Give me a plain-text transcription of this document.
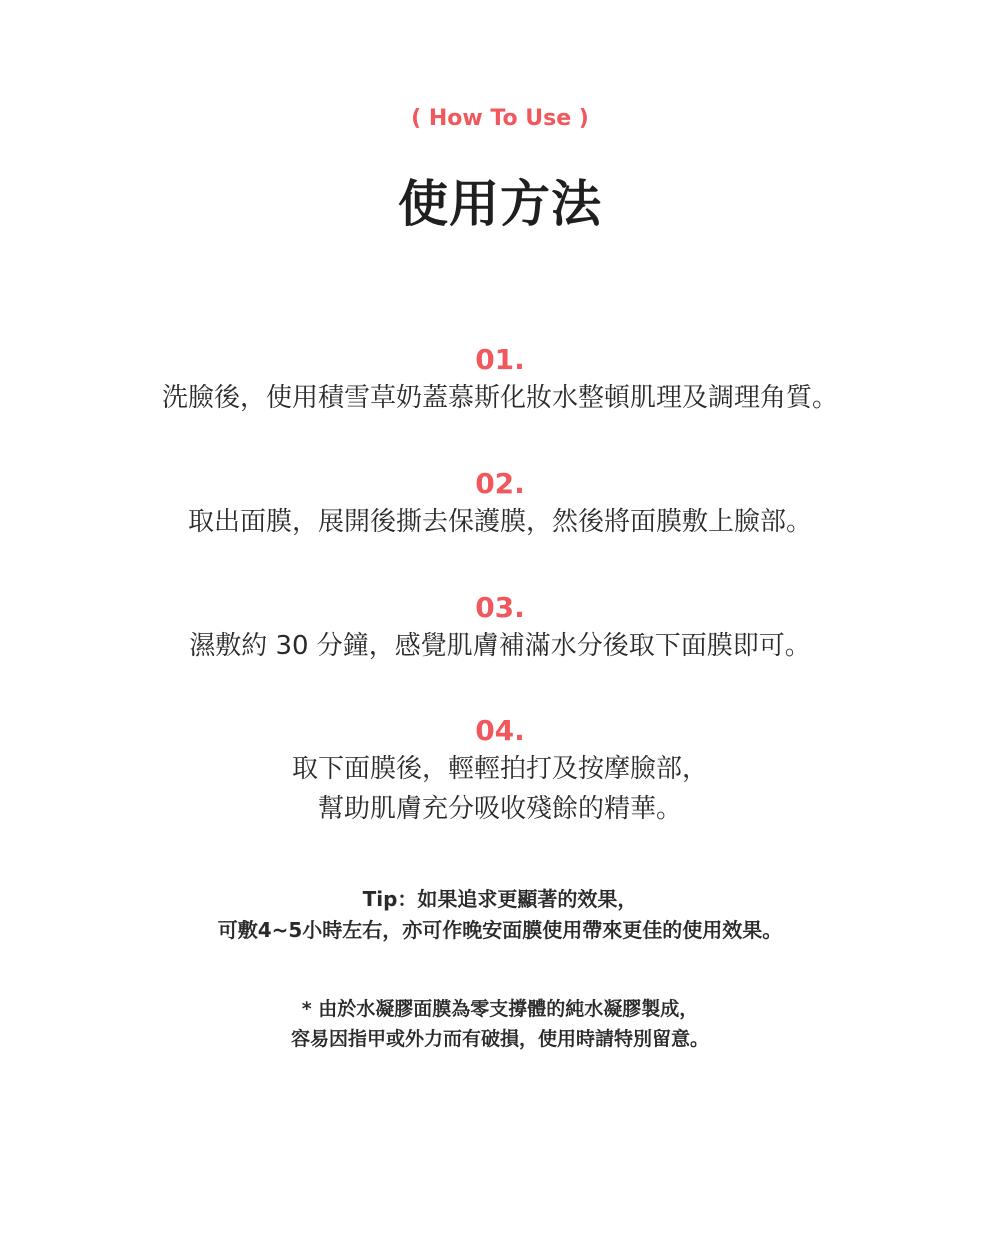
( How To Use )
使用方法
01.
洗臉後，使用積雪草奶蓋慕斯化妝水整頓肌理及調理角質。
02.
取出面膜，展開後撕去保護膜，然後將面膜敷上臉部。
03.
濕敷約 30 分鐘，感覺肌膚補滿水分後取下面膜即可。
04.
取下面膜後，輕輕拍打及按摩臉部，
幫助肌膚充分吸收殘餘的精華。
Tip：如果追求更顯著的效果，
可敷4~5小時左右，亦可作晚安面膜使用帶來更佳的使用效果。
* 由於水凝膠面膜為零支撐體的純水凝膠製成，
容易因指甲或外力而有破損，使用時請特別留意。
